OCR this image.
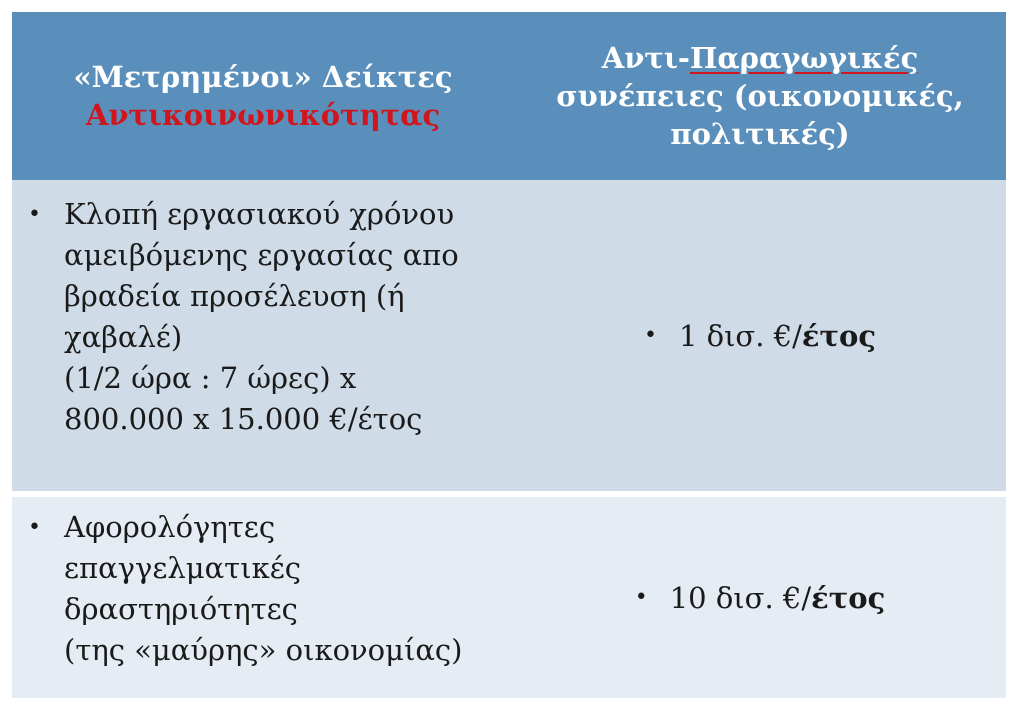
«Μετρημένοι» Δείκτες
Αντικοινωνικότητας
Αντι-Παραγωγικές
συνέπειες (οικονομικές,
πολιτικές)
• Κλοπή εργασιακού χρόνου
αμειβόμενης εργασίας απο
βραδεία προσέλευση (ή
χαβαλέ)
(1/2 ώρα : 7 ώρες) x
800.000 x 15.000 €/έτος
• 1 δισ. €/ έτος
• Αφορολόγητες
επαγγελματικές
δραστηριότητες
(της «μαύρης» οικονομίας)
• 10 δισ. €/ έτος
